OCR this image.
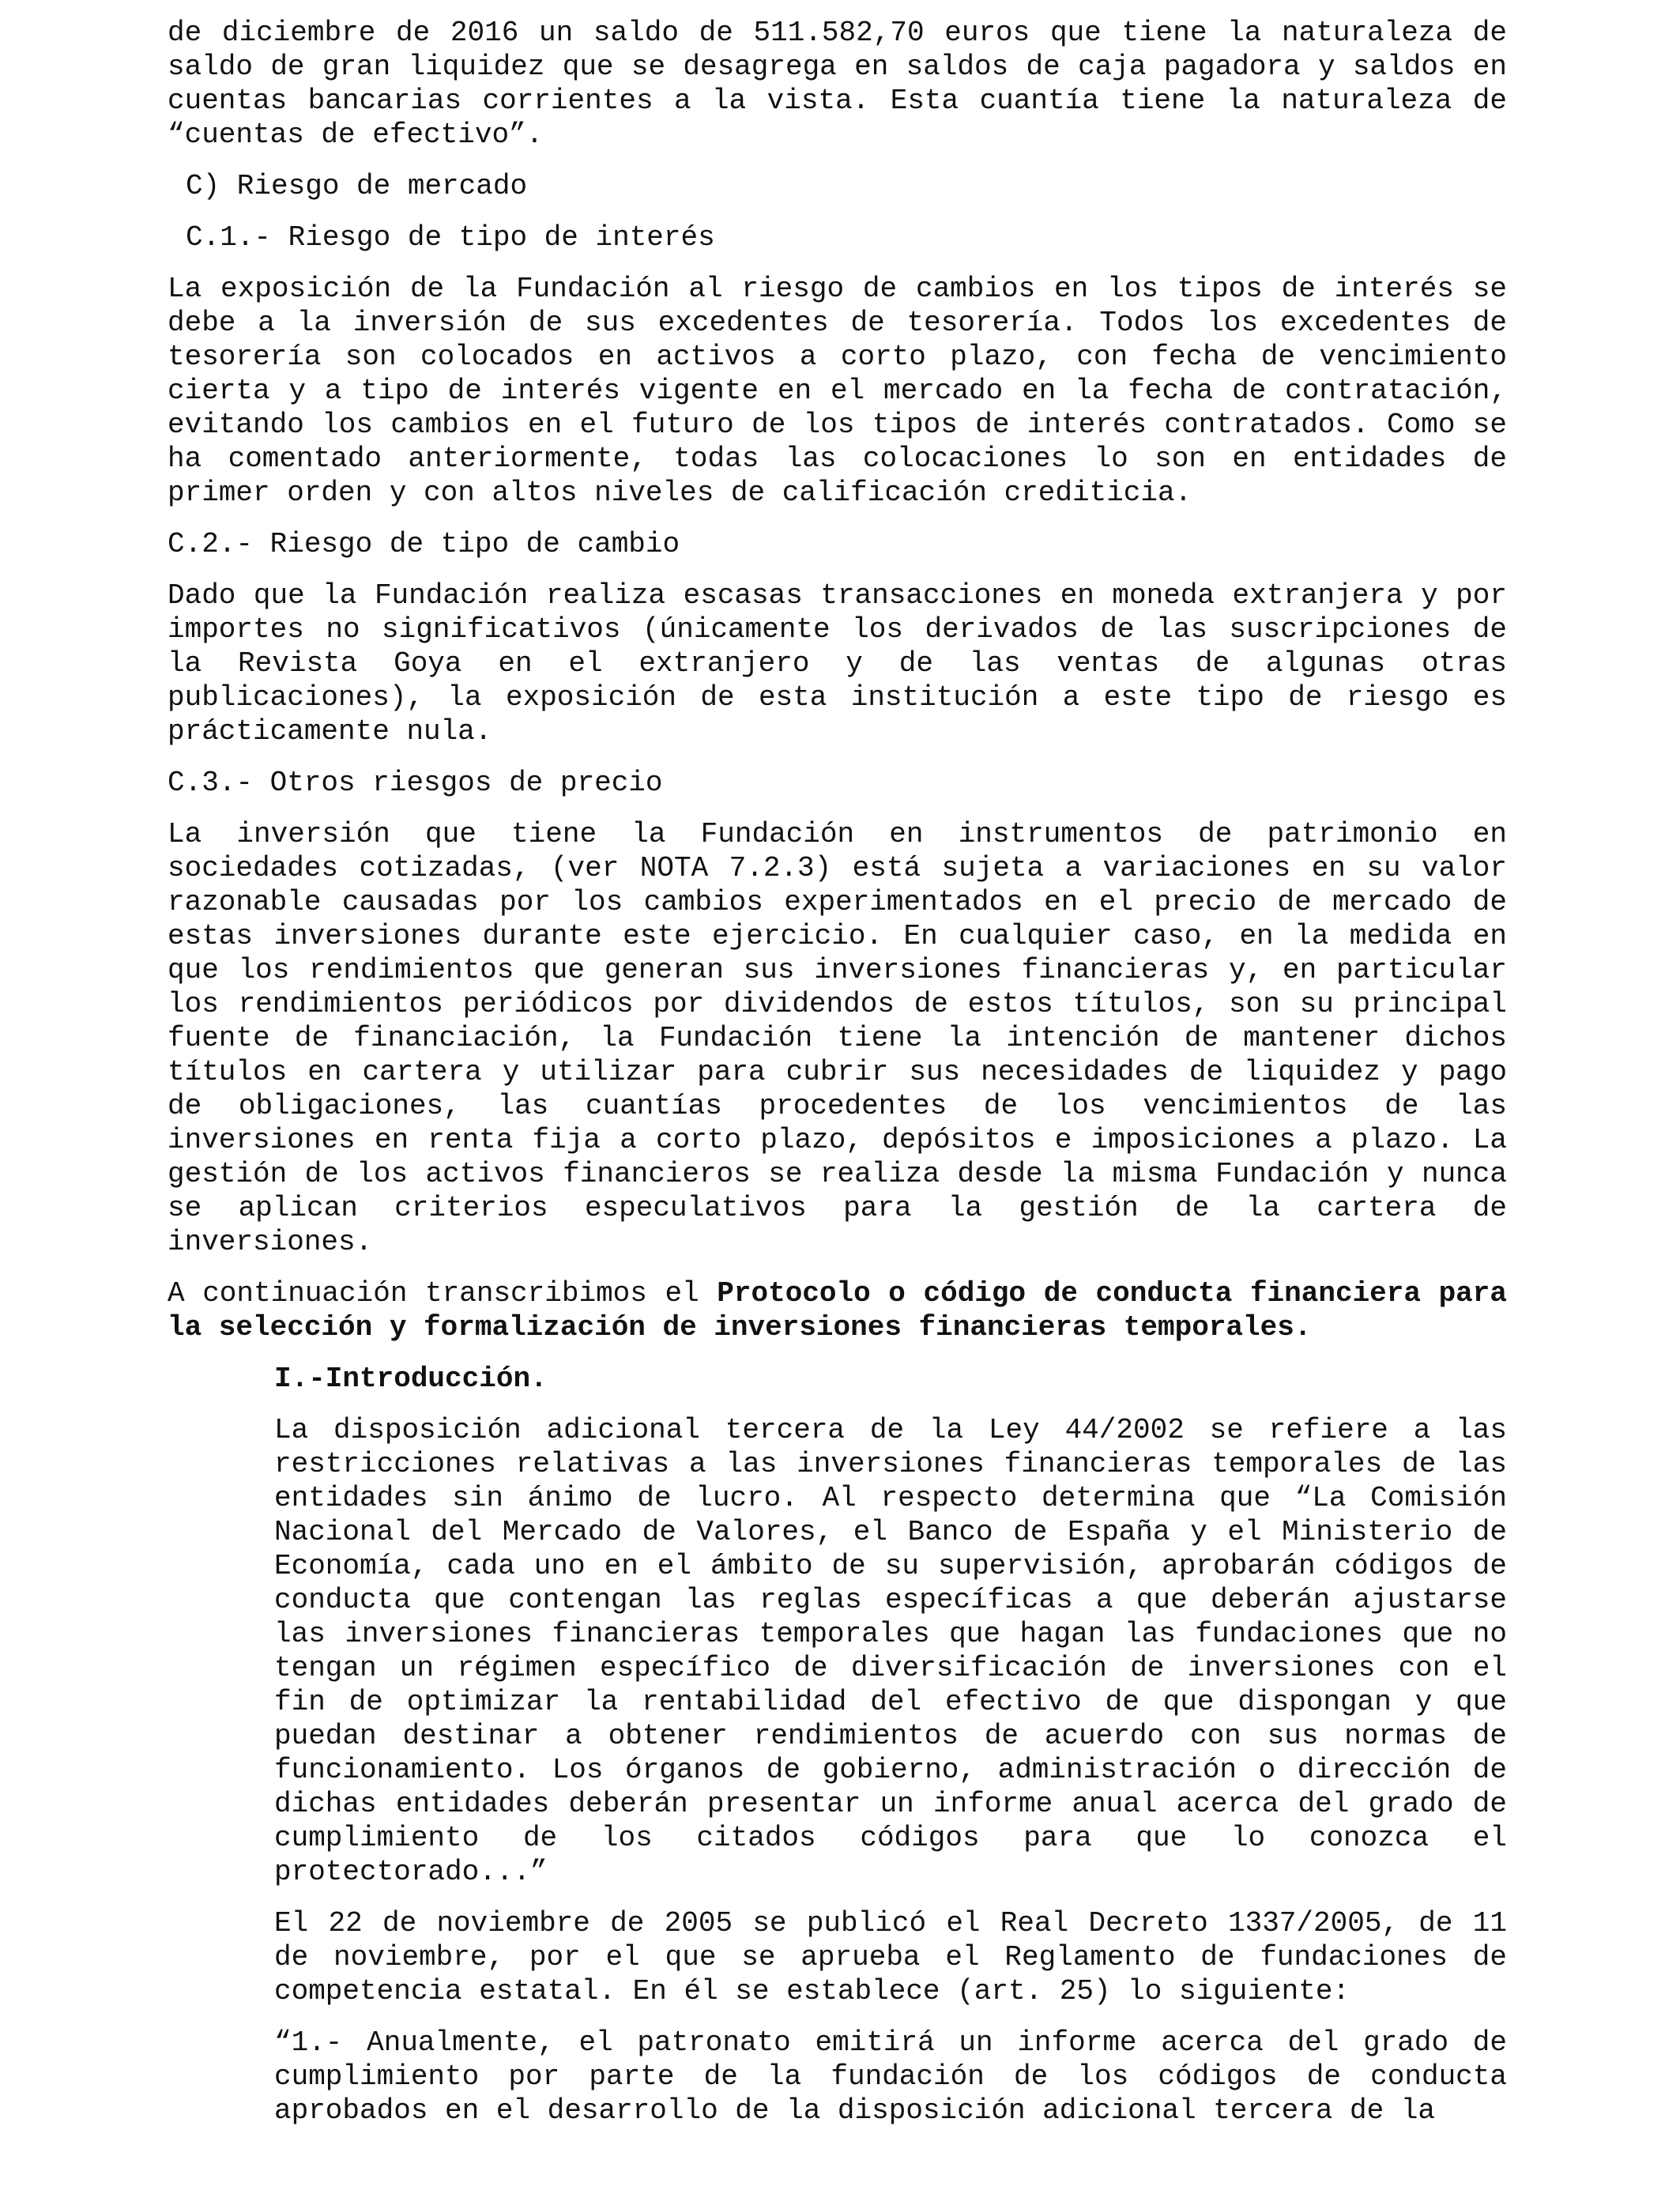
de diciembre de 2016 un saldo de 511.582,70 euros que tiene la naturaleza de saldo de gran liquidez que se desagrega en saldos de caja pagadora y saldos en cuentas bancarias corrientes a la vista. Esta cuantía tiene la naturaleza de “cuentas de efectivo”.

C) Riesgo de mercado

C.1.- Riesgo de tipo de interés

La exposición de la Fundación al riesgo de cambios en los tipos de interés se debe a la inversión de sus excedentes de tesorería. Todos los excedentes de tesorería son colocados en activos a corto plazo, con fecha de vencimiento cierta y a tipo de interés vigente en el mercado en la fecha de contratación, evitando los cambios en el futuro de los tipos de interés contratados. Como se ha comentado anteriormente, todas las colocaciones lo son en entidades de primer orden y con altos niveles de calificación crediticia.

C.2.- Riesgo de tipo de cambio

Dado que la Fundación realiza escasas transacciones en moneda extranjera y por importes no significativos (únicamente los derivados de las suscripciones de la Revista Goya en el extranjero y de las ventas de algunas otras publicaciones), la exposición de esta institución a este tipo de riesgo es prácticamente nula.

C.3.- Otros riesgos de precio

La inversión que tiene la Fundación en instrumentos de patrimonio en sociedades cotizadas, (ver NOTA 7.2.3) está sujeta a variaciones en su valor razonable causadas por los cambios experimentados en el precio de mercado de estas inversiones durante este ejercicio. En cualquier caso, en la medida en que los rendimientos que generan sus inversiones financieras y, en particular los rendimientos periódicos por dividendos de estos títulos, son su principal fuente de financiación, la Fundación tiene la intención de mantener dichos títulos en cartera y utilizar para cubrir sus necesidades de liquidez y pago de obligaciones, las cuantías procedentes de los vencimientos de las inversiones en renta fija a corto plazo, depósitos e imposiciones a plazo. La gestión de los activos financieros se realiza desde la misma Fundación y nunca se aplican criterios especulativos para la gestión de la cartera de inversiones.

A continuación transcribimos el Protocolo o código de conducta financiera para la selección y formalización de inversiones financieras temporales.

I.-Introducción.

La disposición adicional tercera de la Ley 44/2002 se refiere a las restricciones relativas a las inversiones financieras temporales de las entidades sin ánimo de lucro. Al respecto determina que “La Comisión Nacional del Mercado de Valores, el Banco de España y el Ministerio de Economía, cada uno en el ámbito de su supervisión, aprobarán códigos de conducta que contengan las reglas específicas a que deberán ajustarse las inversiones financieras temporales que hagan las fundaciones que no tengan un régimen específico de diversificación de inversiones con el fin de optimizar la rentabilidad del efectivo de que dispongan y que puedan destinar a obtener rendimientos de acuerdo con sus normas de funcionamiento. Los órganos de gobierno, administración o dirección de dichas entidades deberán presentar un informe anual acerca del grado de cumplimiento de los citados códigos para que lo conozca el protectorado...”

El 22 de noviembre de 2005 se publicó el Real Decreto 1337/2005, de 11 de noviembre, por el que se aprueba el Reglamento de fundaciones de competencia estatal. En él se establece (art. 25) lo siguiente:

“1.- Anualmente, el patronato emitirá un informe acerca del grado de cumplimiento por parte de la fundación de los códigos de conducta aprobados en el desarrollo de la disposición adicional tercera de la
